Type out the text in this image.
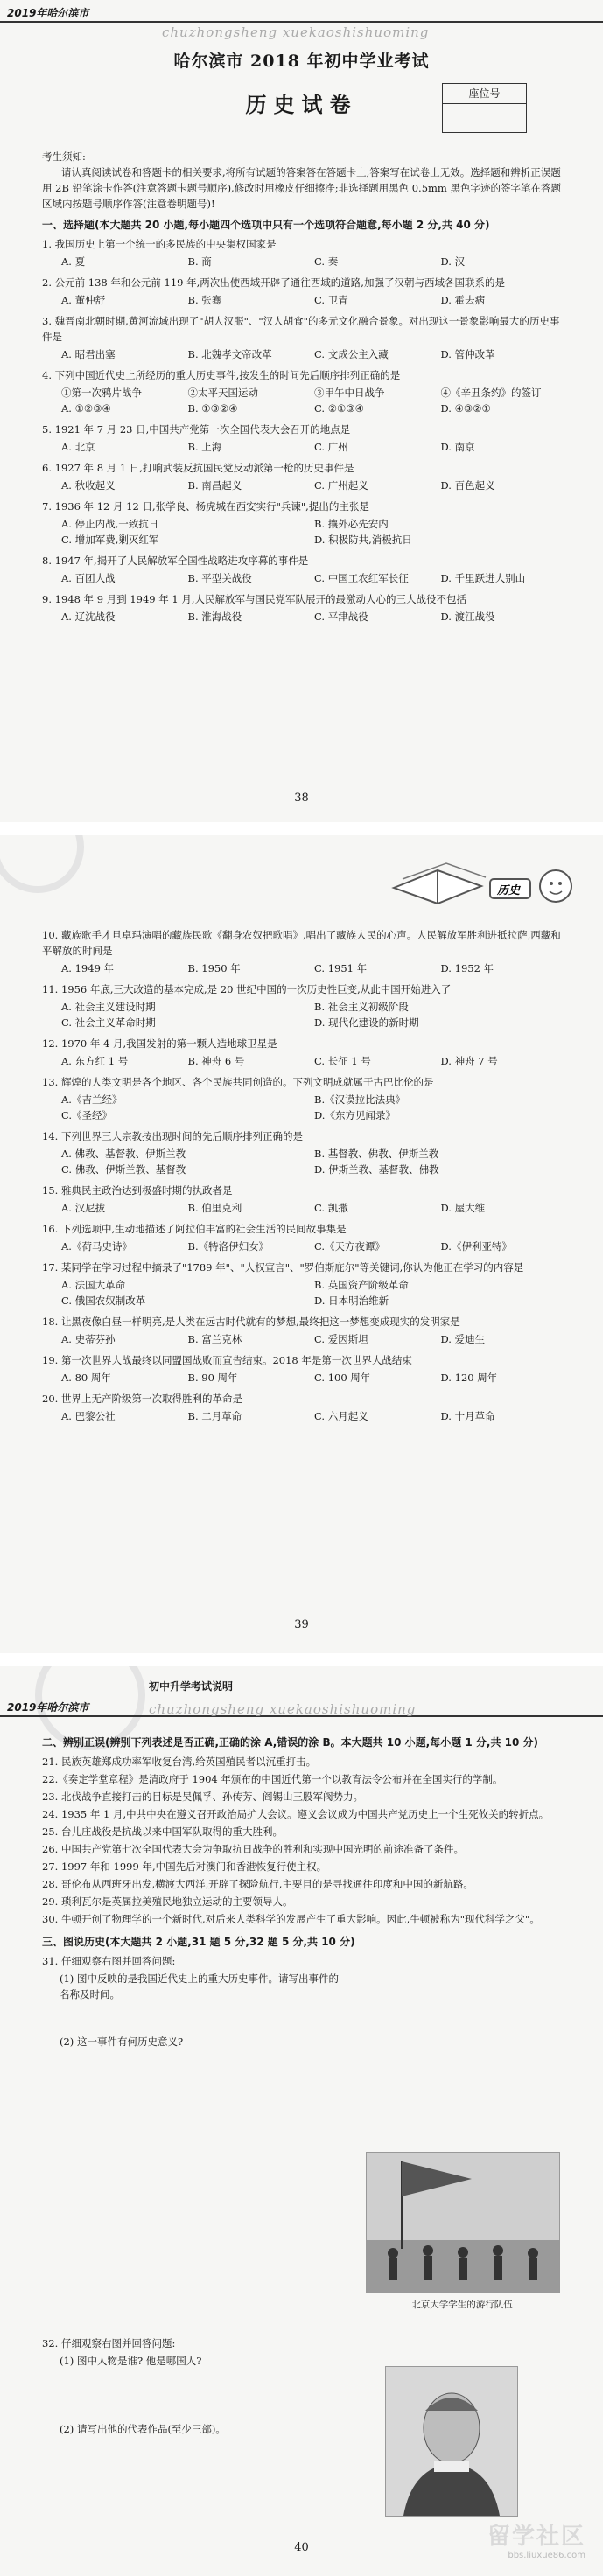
2019年哈尔滨市
chuzhongsheng xuekaoshishuoming
哈尔滨市 2018 年初中学业考试
历史试卷	座位号
考生须知:

请认真阅读试卷和答题卡的相关要求,将所有试题的答案答在答题卡上,答案写在试卷上无效。选择题和辨析正误题用 2B 铅笔涂卡作答(注意答题卡题号顺序),修改时用橡皮仔细擦净;非选择题用黑色 0.5mm 黑色字迹的签字笔在答题区域内按题号顺序作答(注意卷明题号)!

一、选择题(本大题共 20 小题,每小题四个选项中只有一个选项符合题意,每小题 2 分,共 40 分)
1. 我国历史上第一个统一的多民族的中央集权国家是
A. 夏	B. 商	C. 秦	D. 汉
2. 公元前 138 年和公元前 119 年,两次出使西域开辟了通往西域的道路,加强了汉朝与西域各国联系的是
A. 董仲舒	B. 张骞	C. 卫青	D. 霍去病
3. 魏晋南北朝时期,黄河流域出现了"胡人汉服"、"汉人胡食"的多元文化融合景象。对出现这一景象影响最大的历史事件是
A. 昭君出塞	B. 北魏孝文帝改革	C. 文成公主入藏	D. 管仲改革
4. 下列中国近代史上所经历的重大历史事件,按发生的时间先后顺序排列正确的是
①第一次鸦片战争	②太平天国运动	③甲午中日战争	④《辛丑条约》的签订
A. ①②③④	B. ①③②④	C. ②①③④	D. ④③②①
5. 1921 年 7 月 23 日,中国共产党第一次全国代表大会召开的地点是
A. 北京	B. 上海	C. 广州	D. 南京
6. 1927 年 8 月 1 日,打响武装反抗国民党反动派第一枪的历史事件是
A. 秋收起义	B. 南昌起义	C. 广州起义	D. 百色起义
7. 1936 年 12 月 12 日,张学良、杨虎城在西安实行"兵谏",提出的主张是
A. 停止内战,一致抗日	B. 攘外必先安内
C. 增加军费,剿灭红军	D. 积极防共,消极抗日
8. 1947 年,揭开了人民解放军全国性战略进攻序幕的事件是
A. 百团大战	B. 平型关战役	C. 中国工农红军长征	D. 千里跃进大别山
9. 1948 年 9 月到 1949 年 1 月,人民解放军与国民党军队展开的最激动人心的三大战役不包括
A. 辽沈战役	B. 淮海战役	C. 平津战役	D. 渡江战役
38
历史
10. 藏族歌手才旦卓玛演唱的藏族民歌《翻身农奴把歌唱》,唱出了藏族人民的心声。人民解放军胜利进抵拉萨,西藏和平解放的时间是
A. 1949 年	B. 1950 年	C. 1951 年	D. 1952 年
11. 1956 年底,三大改造的基本完成,是 20 世纪中国的一次历史性巨变,从此中国开始进入了
A. 社会主义建设时期	B. 社会主义初级阶段
C. 社会主义革命时期	D. 现代化建设的新时期
12. 1970 年 4 月,我国发射的第一颗人造地球卫星是
A. 东方红 1 号	B. 神舟 6 号	C. 长征 1 号	D. 神舟 7 号
13. 辉煌的人类文明是各个地区、各个民族共同创造的。下列文明成就属于古巴比伦的是
A.《吉兰经》	B.《汉谟拉比法典》
C.《圣经》	D.《东方见闻录》
14. 下列世界三大宗教按出现时间的先后顺序排列正确的是
A. 佛教、基督教、伊斯兰教	B. 基督教、佛教、伊斯兰教
C. 佛教、伊斯兰教、基督教	D. 伊斯兰教、基督教、佛教
15. 雅典民主政治达到极盛时期的执政者是
A. 汉尼拔	B. 伯里克利	C. 凯撒	D. 屋大维
16. 下列选项中,生动地描述了阿拉伯丰富的社会生活的民间故事集是
A.《荷马史诗》	B.《特洛伊妇女》	C.《天方夜谭》	D.《伊利亚特》
17. 某同学在学习过程中摘录了"1789 年"、"人权宣言"、"罗伯斯庇尔"等关键词,你认为他正在学习的内容是
A. 法国大革命	B. 英国资产阶级革命
C. 俄国农奴制改革	D. 日本明治维新
18. 让黑夜像白昼一样明亮,是人类在远古时代就有的梦想,最终把这一梦想变成现实的发明家是
A. 史蒂芬孙	B. 富兰克林	C. 爱因斯坦	D. 爱迪生
19. 第一次世界大战最终以同盟国战败而宣告结束。2018 年是第一次世界大战结束
A. 80 周年	B. 90 周年	C. 100 周年	D. 120 周年
20. 世界上无产阶级第一次取得胜利的革命是
A. 巴黎公社	B. 二月革命	C. 六月起义	D. 十月革命
39
初中升学考试说明
2019年哈尔滨市	chuzhongsheng xuekaoshishuoming
二、辨别正误(辨别下列表述是否正确,正确的涂 A,错误的涂 B。本大题共 10 小题,每小题 1 分,共 10 分)
21. 民族英雄郑成功率军收复台湾,给英国殖民者以沉重打击。
22.《奏定学堂章程》是清政府于 1904 年颁布的中国近代第一个以教育法令公布并在全国实行的学制。
23. 北伐战争直接打击的目标是吴佩孚、孙传芳、阎锡山三股军阀势力。
24. 1935 年 1 月,中共中央在遵义召开政治局扩大会议。遵义会议成为中国共产党历史上一个生死攸关的转折点。
25. 台儿庄战役是抗战以来中国军队取得的重大胜利。
26. 中国共产党第七次全国代表大会为争取抗日战争的胜利和实现中国光明的前途准备了条件。
27. 1997 年和 1999 年,中国先后对澳门和香港恢复行使主权。
28. 哥伦布从西班牙出发,横渡大西洋,开辟了探险航行,主要目的是寻找通往印度和中国的新航路。
29. 琐利瓦尔是英属拉美殖民地独立运动的主要领导人。
30. 牛顿开创了物理学的一个新时代,对后来人类科学的发展产生了重大影响。因此,牛顿被称为"现代科学之父"。
三、图说历史(本大题共 2 小题,31 题 5 分,32 题 5 分,共 10 分)
31. 仔细观察右图并回答问题:
(1) 图中反映的是我国近代史上的重大历史事件。请写出事件的名称及时间。
(2) 这一事件有何历史意义?
北京大学学生的游行队伍
32. 仔细观察右图并回答问题:
(1) 图中人物是谁? 他是哪国人?
(2) 请写出他的代表作品(至少三部)。
40	留学社区
bbs.liuxue86.com
